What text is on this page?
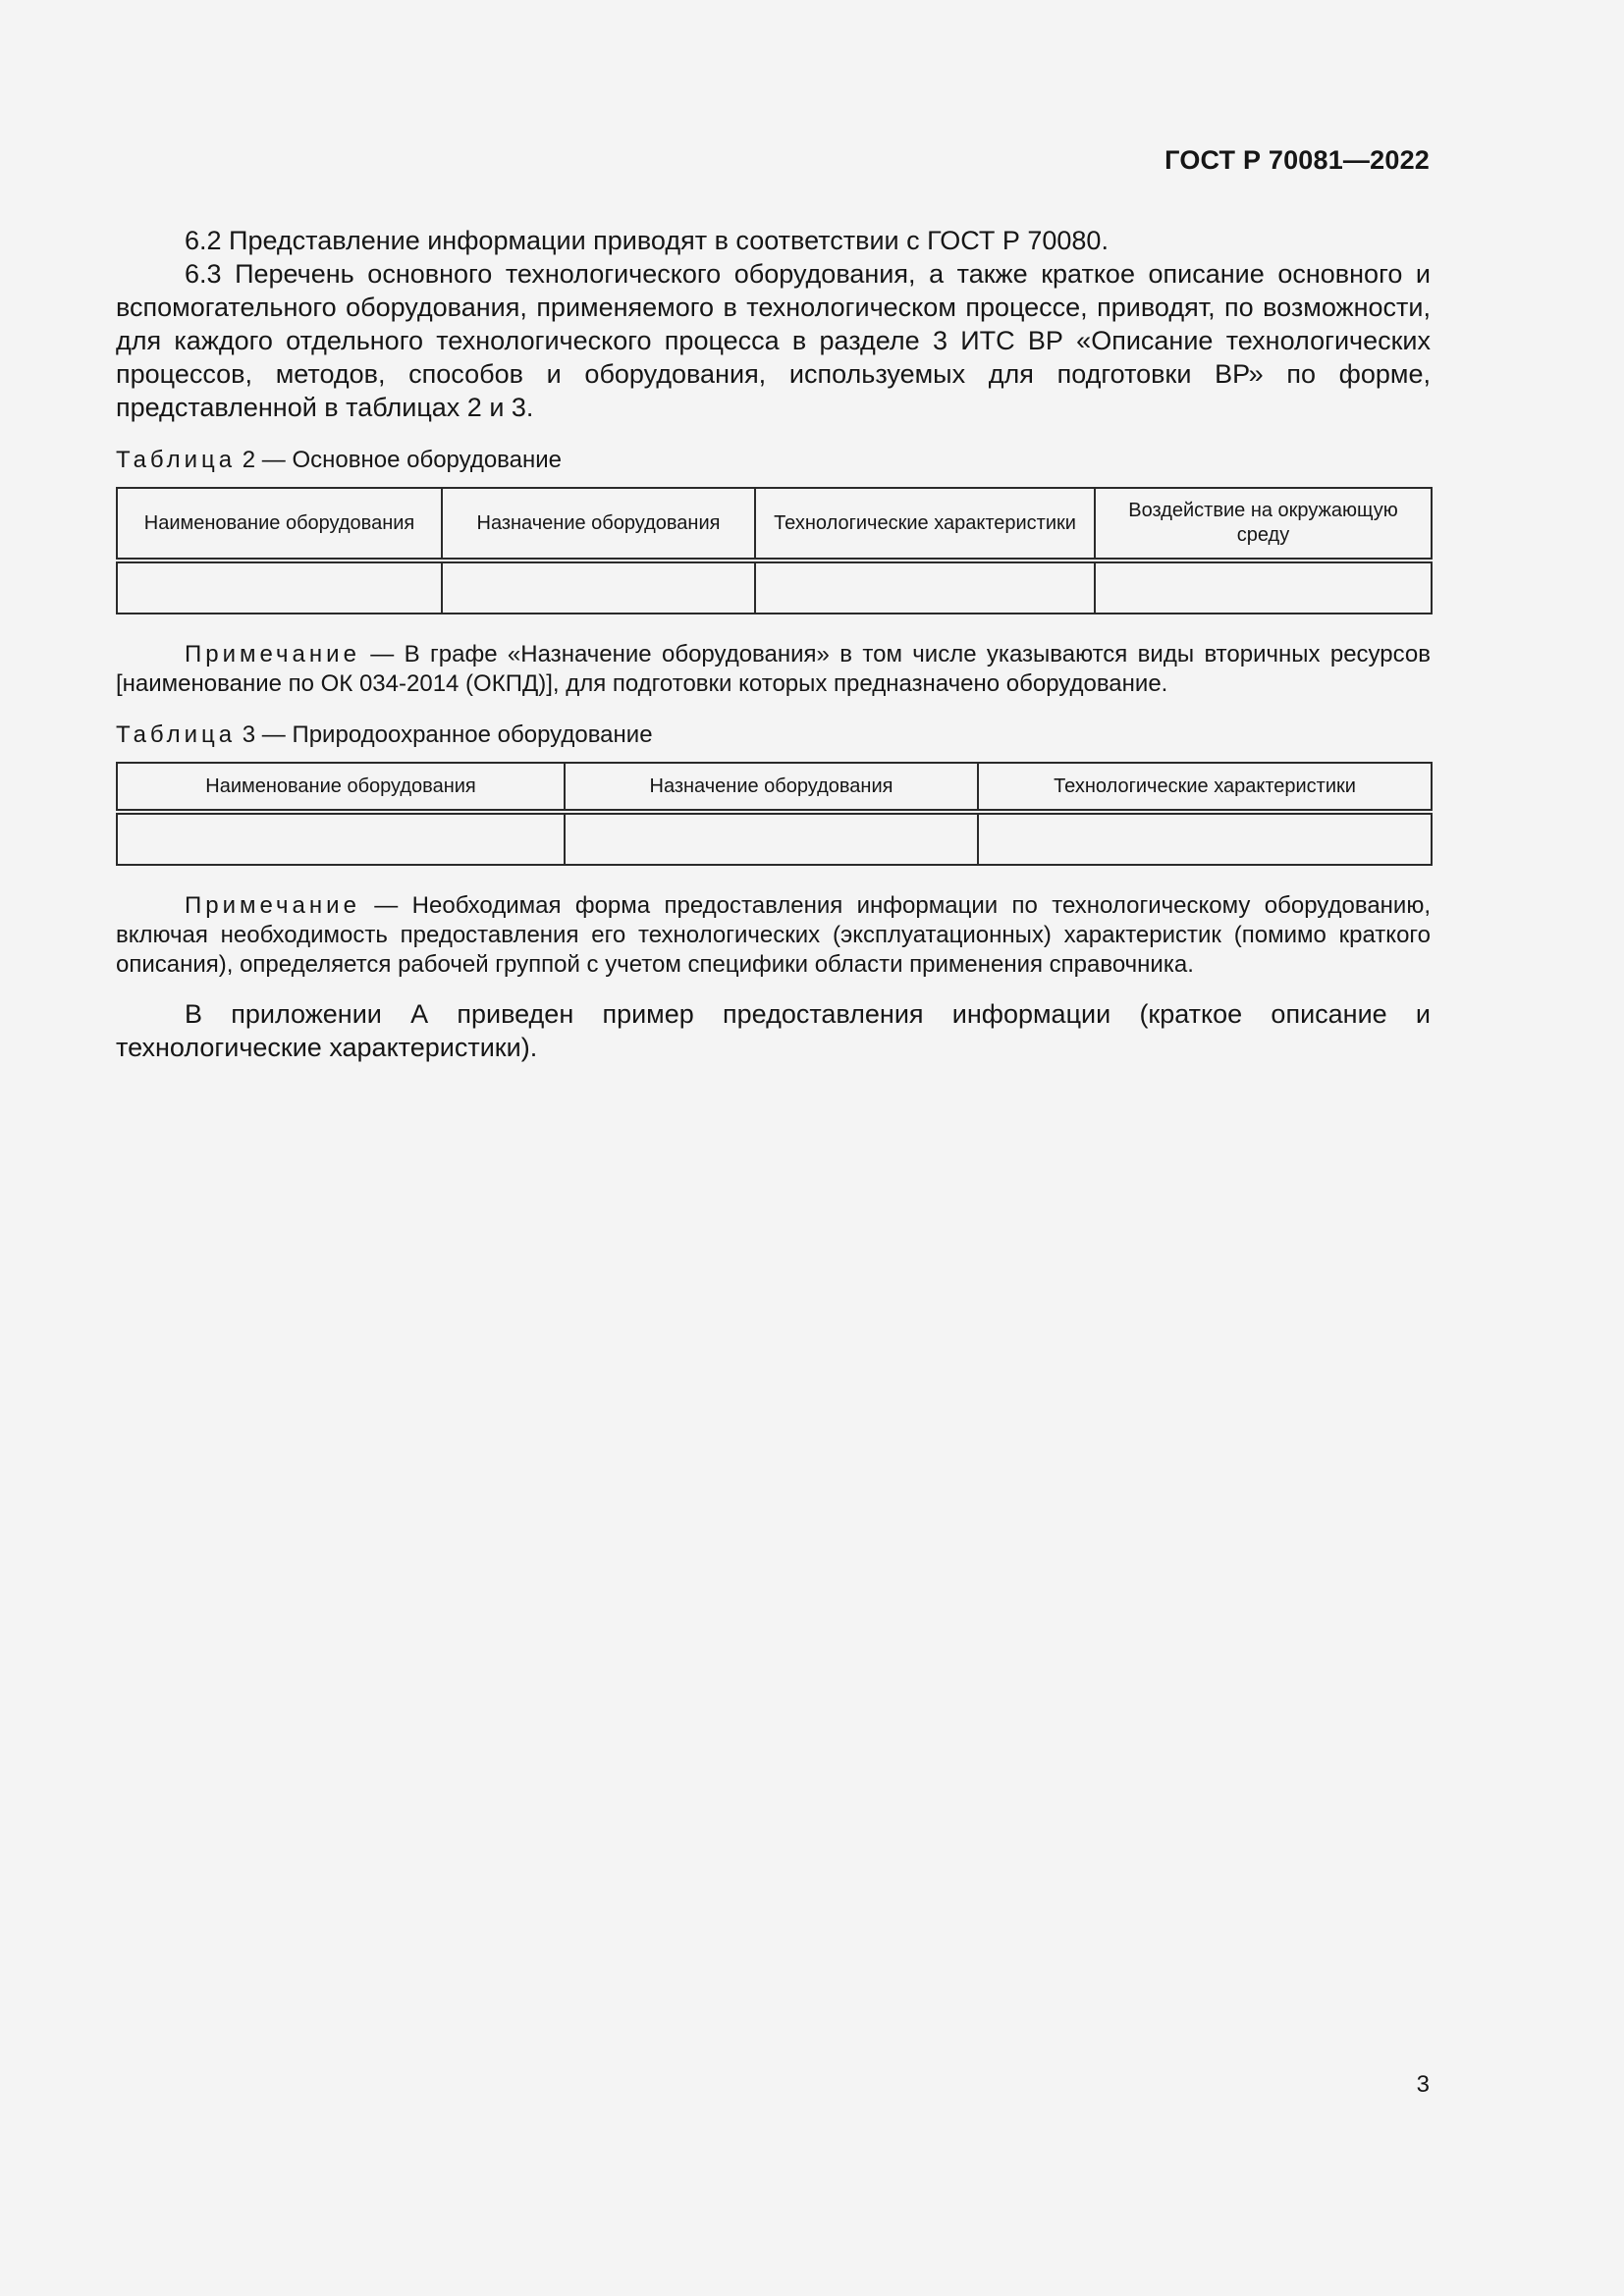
ГОСТ Р 70081—2022

6.2 Представление информации приводят в соответствии с ГОСТ Р 70080.

6.3 Перечень основного технологического оборудования, а также краткое описание основного и вспомогательного оборудования, применяемого в технологическом процессе, приводят, по возможности, для каждого отдельного технологического процесса в разделе 3 ИТС ВР «Описание технологических процессов, методов, способов и оборудования, используемых для подготовки ВР» по форме, представленной в таблицах 2 и 3.

Таблица 2 — Основное оборудование
Наименование оборудования	Назначение оборудования	Технологические характеристики	Воздействие на окружающую среду

Примечание — В графе «Назначение оборудования» в том числе указываются виды вторичных ресурсов [наименование по ОК 034-2014 (ОКПД)], для подготовки которых предназначено оборудование.
Таблица 3 — Природоохранное оборудование
Наименование оборудования	Назначение оборудования	Технологические характеристики

Примечание — Необходимая форма предоставления информации по технологическому оборудованию, включая необходимость предоставления его технологических (эксплуатационных) характеристик (помимо краткого описания), определяется рабочей группой с учетом специфики области применения справочника.

В приложении А приведен пример предоставления информации (краткое описание и технологические характеристики).

3
